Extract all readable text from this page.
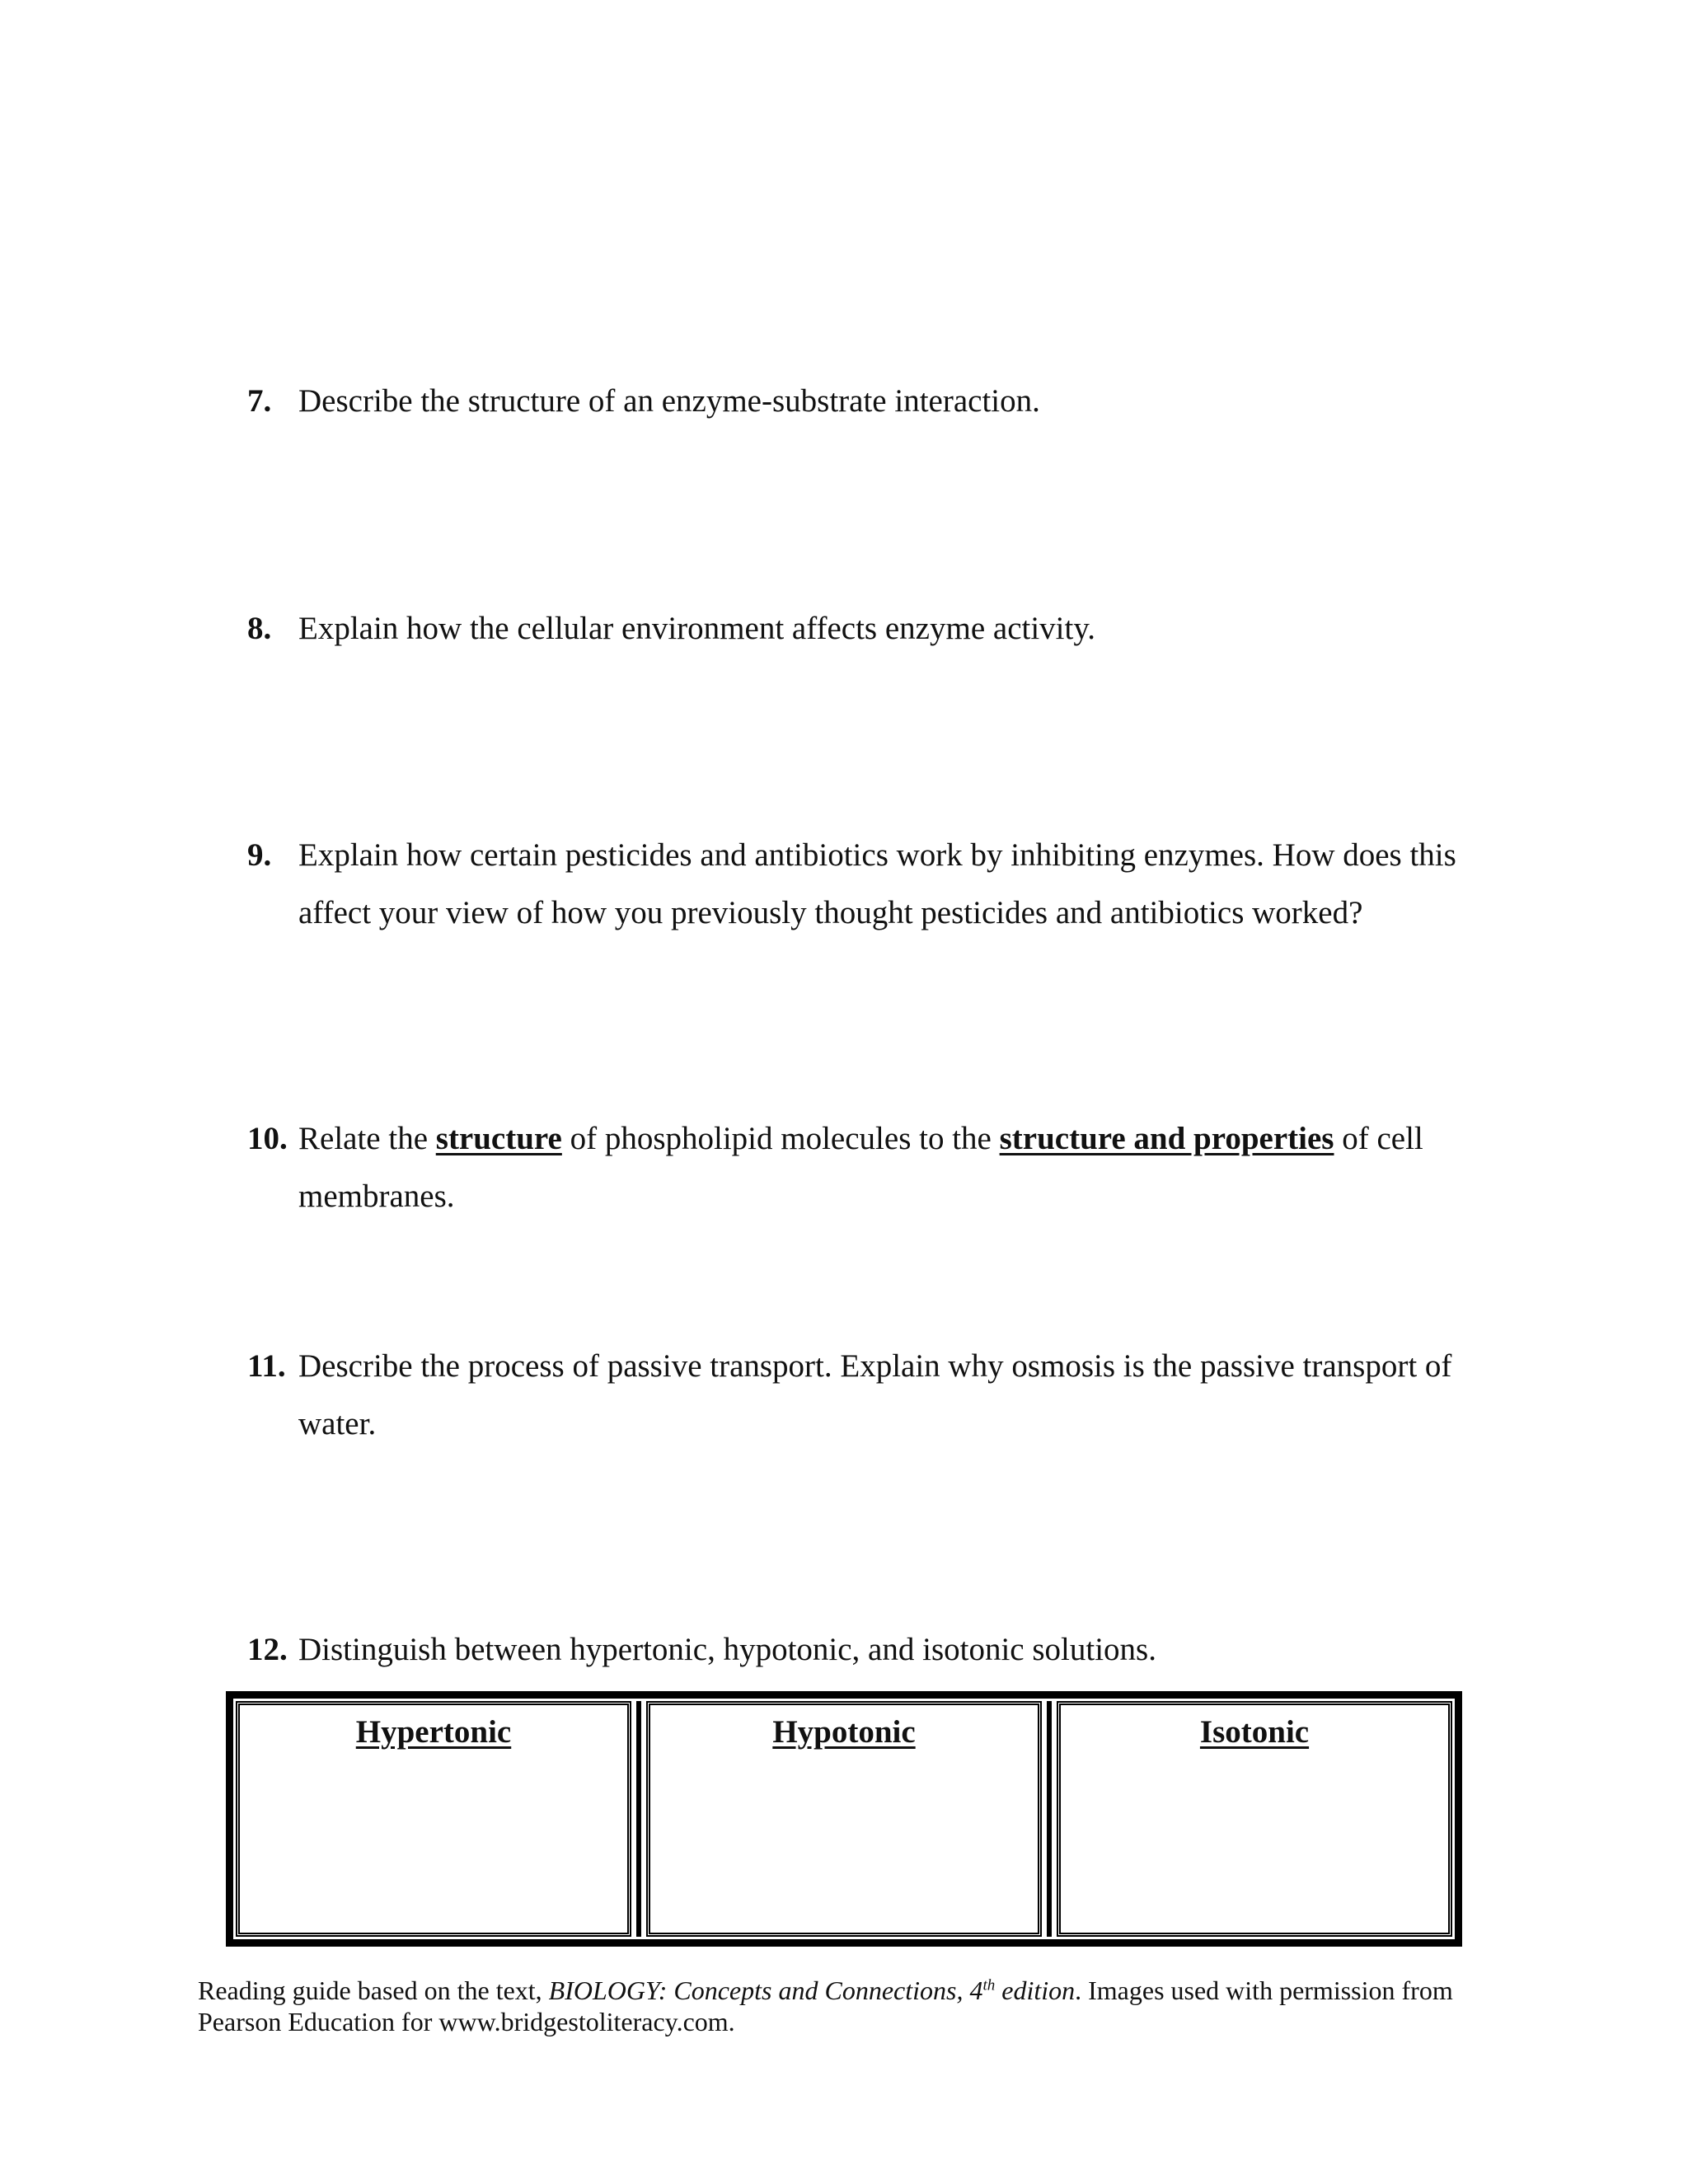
7. Describe the structure of an enzyme-substrate interaction.
8. Explain how the cellular environment affects enzyme activity.
9. Explain how certain pesticides and antibiotics work by inhibiting enzymes. How does this affect your view of how you previously thought pesticides and antibiotics worked?
10. Relate the structure of phospholipid molecules to the structure and properties of cell membranes.
11. Describe the process of passive transport. Explain why osmosis is the passive transport of water.
12. Distinguish between hypertonic, hypotonic, and isotonic solutions.
Hypertonic	Hypotonic	Isotonic
Reading guide based on the text, BIOLOGY: Concepts and Connections, 4th edition. Images used with permission from Pearson Education for www.bridgestoliteracy.com.
